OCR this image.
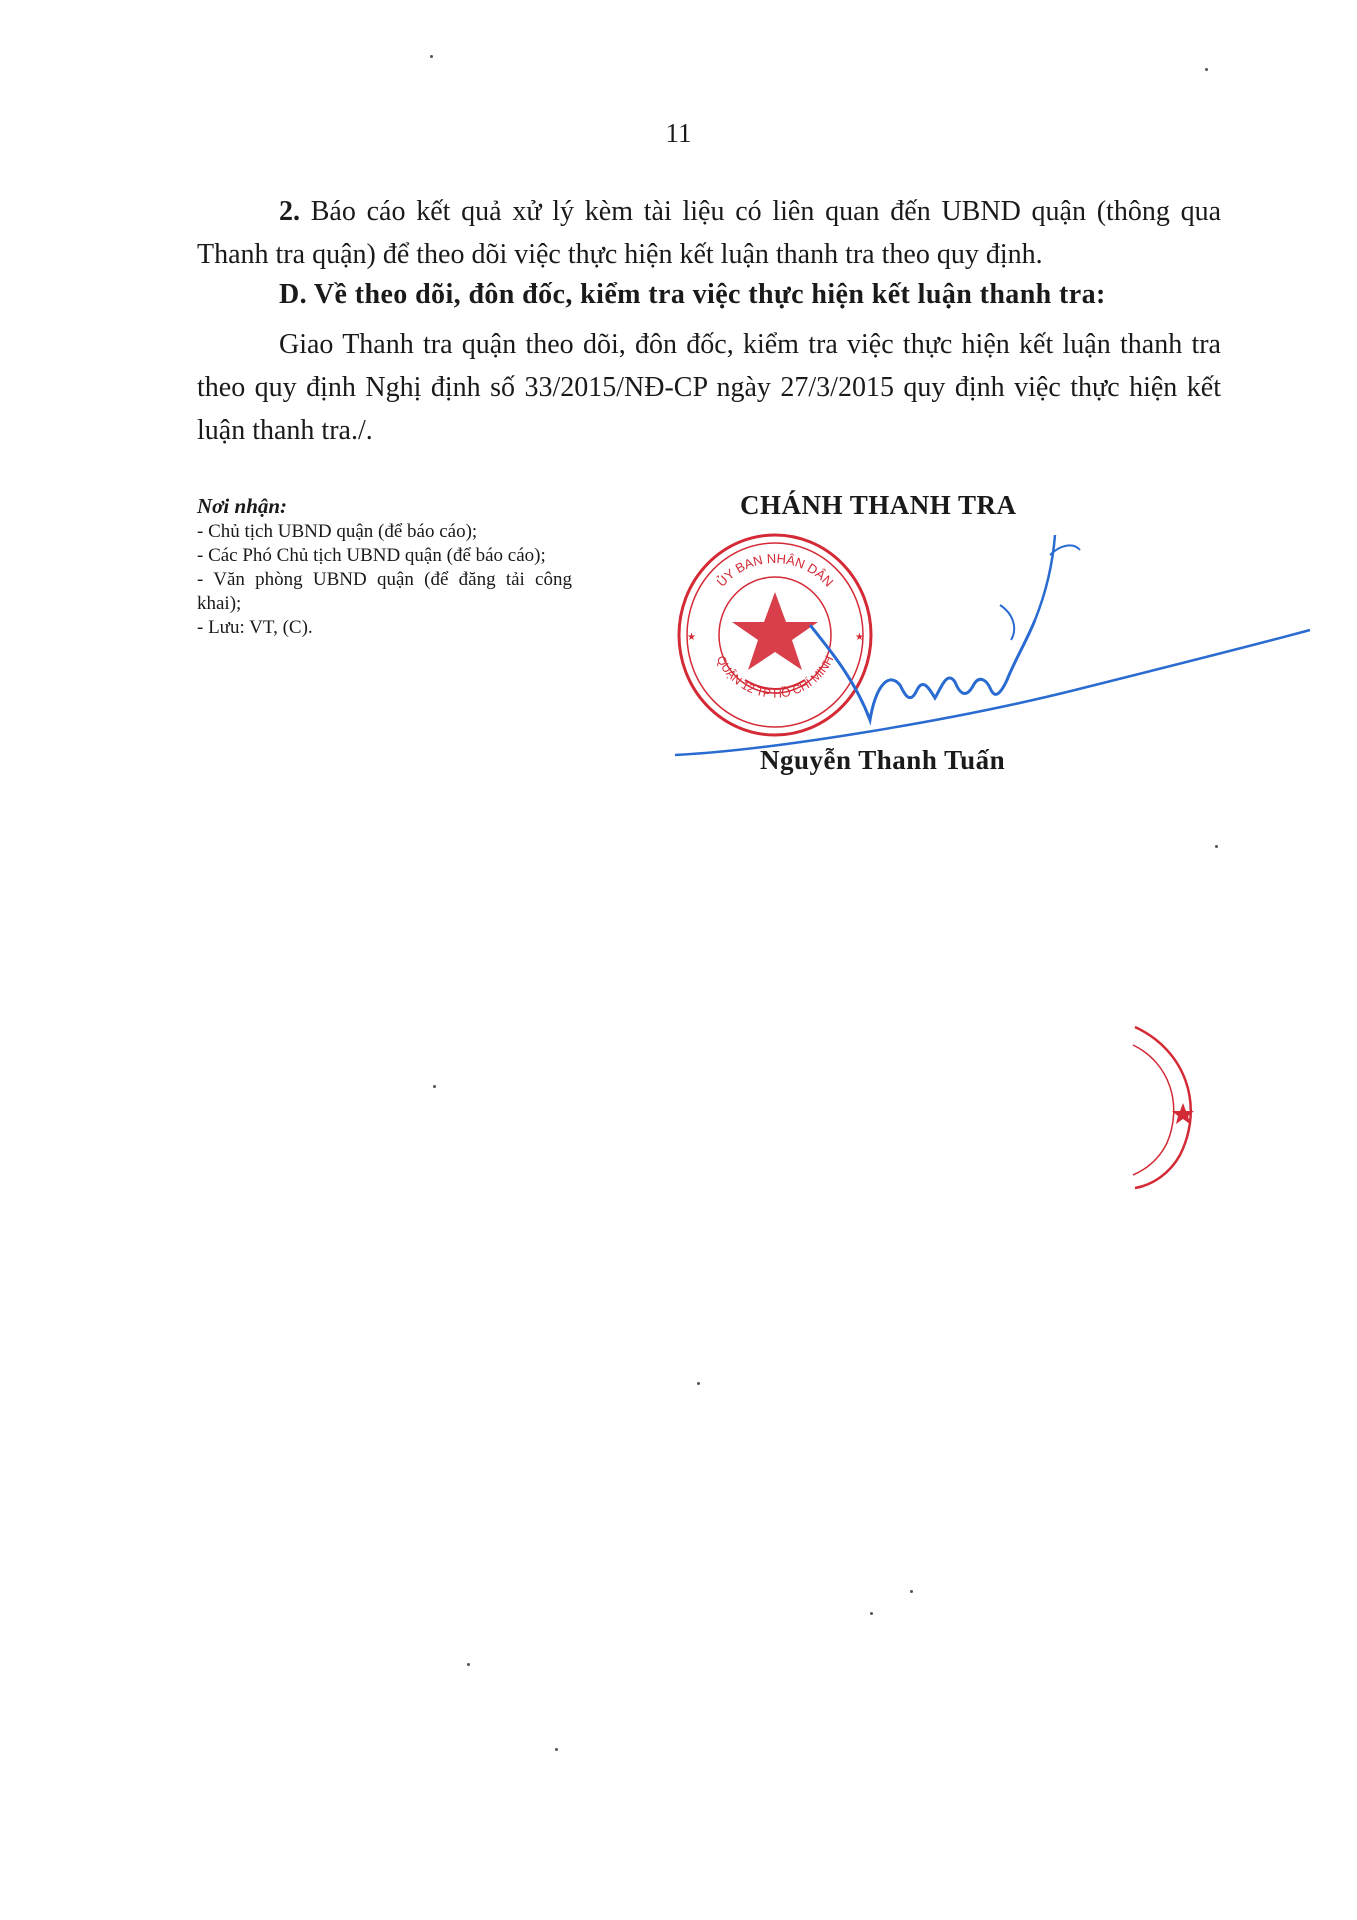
11

2. Báo cáo kết quả xử lý kèm tài liệu có liên quan đến UBND quận (thông qua Thanh tra quận) để theo dõi việc thực hiện kết luận thanh tra theo quy định.

D. Về theo dõi, đôn đốc, kiểm tra việc thực hiện kết luận thanh tra:

Giao Thanh tra quận theo dõi, đôn đốc, kiểm tra việc thực hiện kết luận thanh tra theo quy định Nghị định số 33/2015/NĐ-CP ngày 27/3/2015 quy định việc thực hiện kết luận thanh tra./.

Nơi nhận:
- Chủ tịch UBND quận (để báo cáo);
- Các Phó Chủ tịch UBND quận (để báo cáo);
- Văn phòng UBND quận (để đăng tải công khai);
- Lưu: VT, (C).
CHÁNH THANH TRA
ỦY BAN NHÂN DÂN
QUẬN 12 TP HỒ CHÍ MINH
★	★
Nguyễn Thanh Tuấn
